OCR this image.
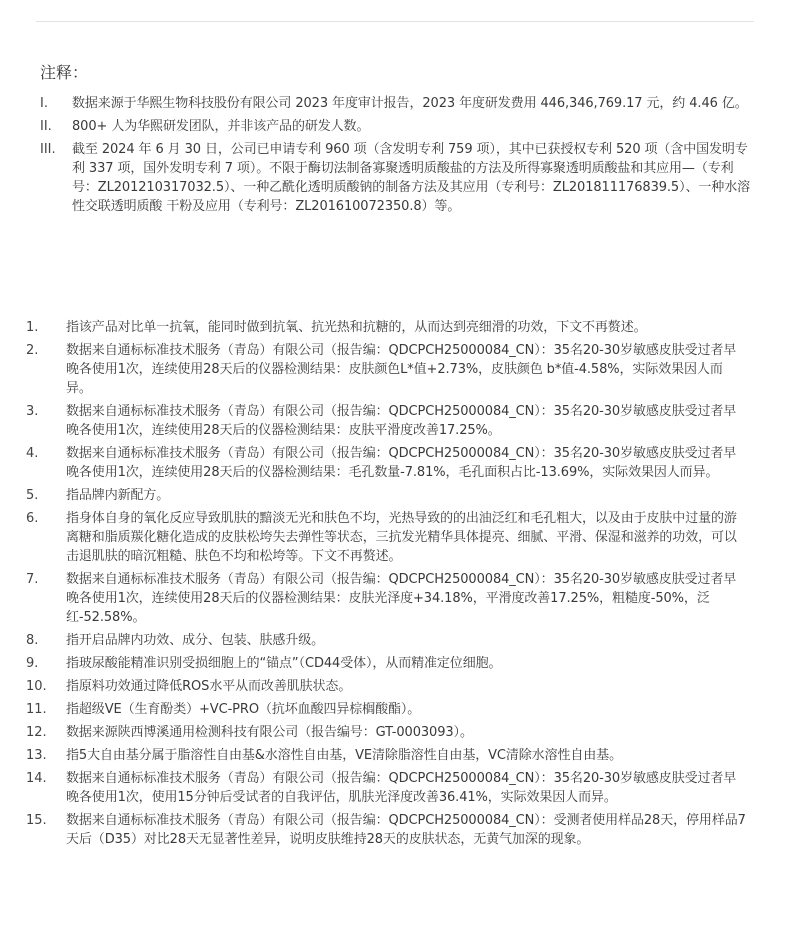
注释：
I.	数据来源于华熙生物科技股份有限公司 2023 年度审计报告，2023 年度研发费用 446,346,769.17 元，约 4.46 亿。
II.	800+ 人为华熙研发团队，并非该产品的研发人数。
III.	截至 2024 年 6 月 30 日，公司已申请专利 960 项（含发明专利 759 项），其中已获授权专利 520 项（含中国发明专利 337 项，国外发明专利 7 项）。不限于酶切法制备寡聚透明质酸盐的方法及所得寡聚透明质酸盐和其应用—（专利号：ZL201210317032.5）、一种乙酰化透明质酸钠的制备方法及其应用（专利号：ZL201811176839.5）、一种水溶性交联透明质酸 干粉及应用（专利号：ZL201610072350.8）等。
1.	指该产品对比单一抗氧，能同时做到抗氧、抗光热和抗糖的，从而达到亮细滑的功效，下文不再赘述。
2.	数据来自通标标准技术服务（青岛）有限公司（报告编：QDCPCH25000084_CN）：35名20-30岁敏感皮肤受过者早晚各使用1次，连续使用28天后的仪器检测结果：皮肤颜色L*值+2.73%，皮肤颜色 b*值-4.58%，实际效果因人而异。
3.	数据来自通标标准技术服务（青岛）有限公司（报告编：QDCPCH25000084_CN）：35名20-30岁敏感皮肤受过者早晚各使用1次，连续使用28天后的仪器检测结果：皮肤平滑度改善17.25%。
4.	数据来自通标标准技术服务（青岛）有限公司（报告编：QDCPCH25000084_CN）：35名20-30岁敏感皮肤受过者早晚各使用1次，连续使用28天后的仪器检测结果：毛孔数量-7.81%，毛孔面积占比-13.69%，实际效果因人而异。
5.	指品牌内新配方。
6.	指身体自身的氧化反应导致肌肤的黯淡无光和肤色不均，光热导致的的出油泛红和毛孔粗大，以及由于皮肤中过量的游离糖和脂质羰化糖化造成的皮肤松垮失去弹性等状态，三抗发光精华具体提亮、细腻、平滑、保湿和滋养的功效，可以击退肌肤的暗沉粗糙、肤色不均和松垮等。下文不再赘述。
7.	数据来自通标标准技术服务（青岛）有限公司（报告编：QDCPCH25000084_CN）：35名20-30岁敏感皮肤受过者早晚各使用1次，连续使用28天后的仪器检测结果：皮肤光泽度+34.18%，平滑度改善17.25%，粗糙度-50%，泛红-52.58%。
8.	指开启品牌内功效、成分、包装、肤感升级。
9.	指玻尿酸能精准识别受损细胞上的“锚点”（CD44受体），从而精准定位细胞。
10.	指原料功效通过降低ROS水平从而改善肌肤状态。
11.	指超级VE（生育酚类）+VC-PRO（抗坏血酸四异棕榈酸酯）。
12.	数据来源陕西博溪通用检测科技有限公司（报告编号：GT-0003093）。
13.	指5大自由基分属于脂溶性自由基&水溶性自由基，VE清除脂溶性自由基，VC清除水溶性自由基。
14.	数据来自通标标准技术服务（青岛）有限公司（报告编：QDCPCH25000084_CN）：35名20-30岁敏感皮肤受过者早晚各使用1次，使用15分钟后受试者的自我评估，肌肤光泽度改善36.41%，实际效果因人而异。
15.	数据来自通标标准技术服务（青岛）有限公司（报告编：QDCPCH25000084_CN）：受测者使用样品28天，停用样品7天后（D35）对比28天无显著性差异，说明皮肤维持28天的皮肤状态，无黄气加深的现象。
